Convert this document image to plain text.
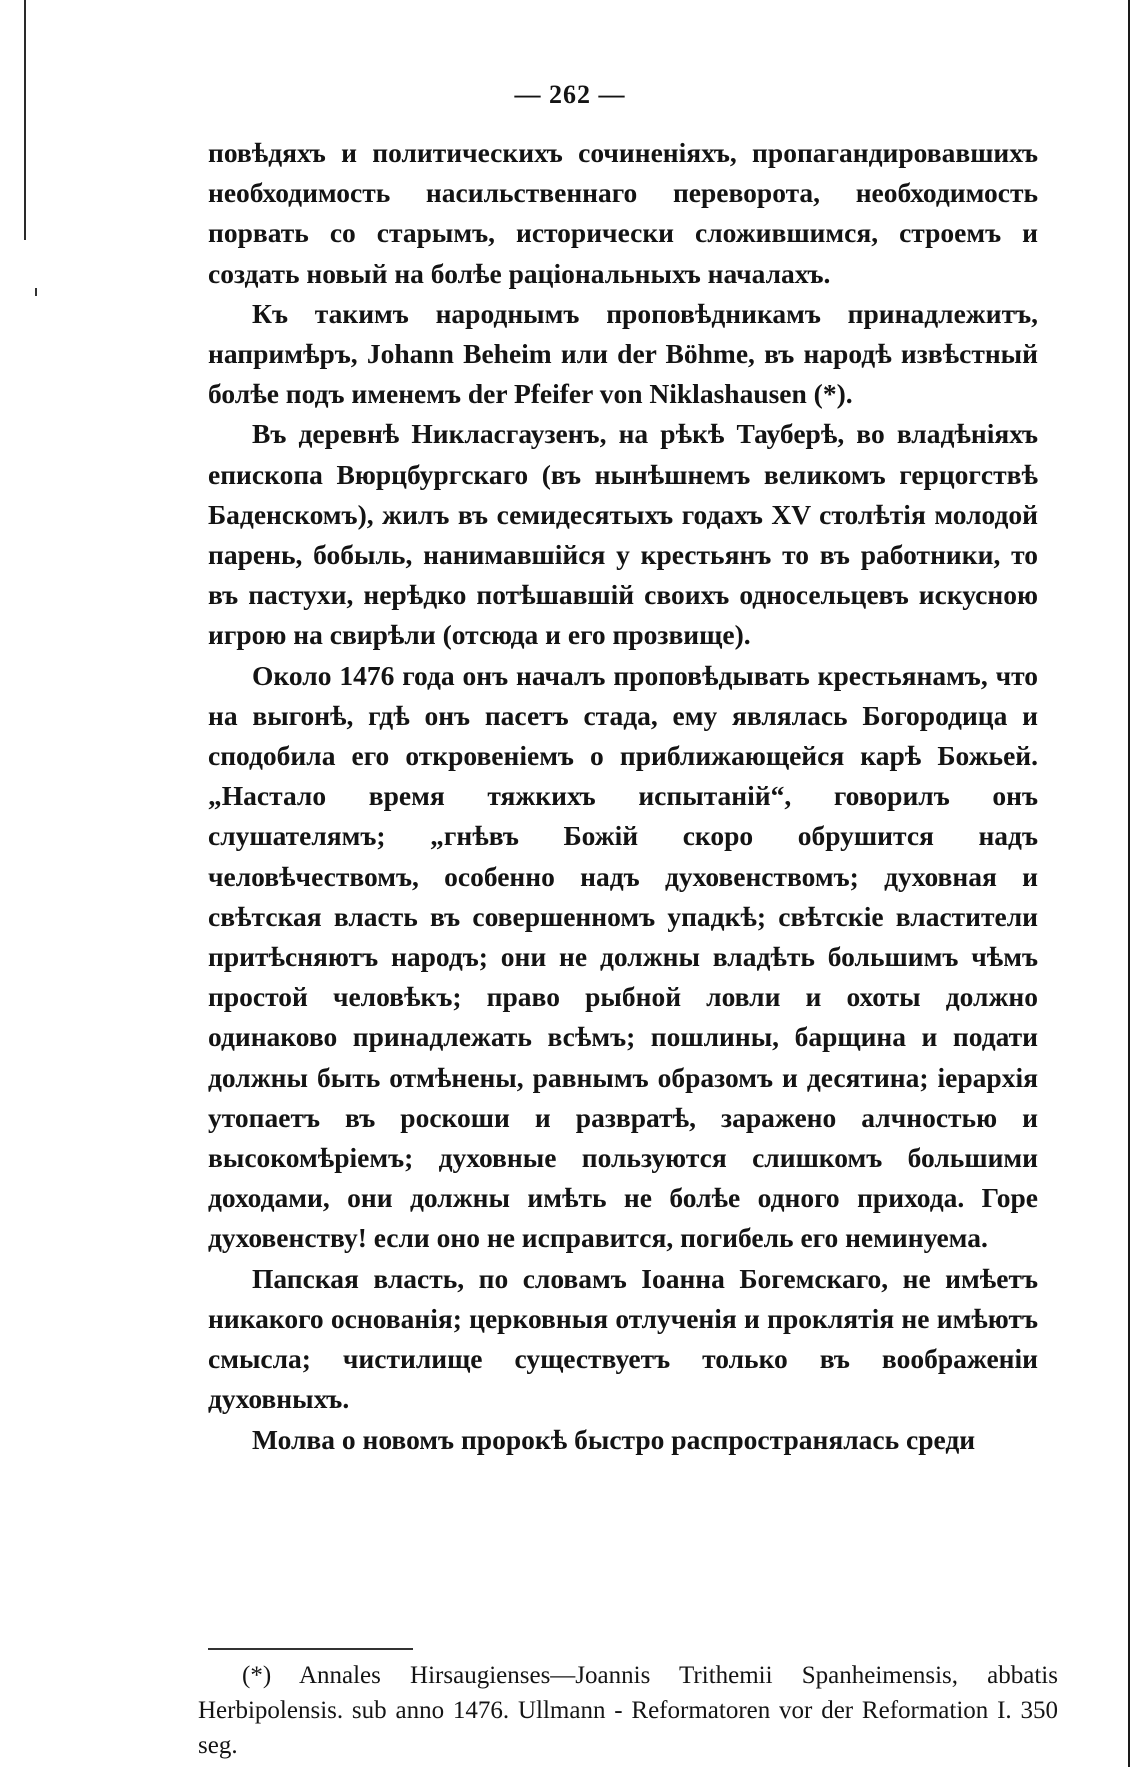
— 262 —

повѣдяхъ и политическихъ сочиненіяхъ, пропагандировавшихъ необходимость насильственнаго переворота, необходимость порвать со старымъ, исторически сложившимся, строемъ и создать новый на болѣе раціональныхъ началахъ.

Къ такимъ народнымъ проповѣдникамъ принадлежитъ, напримѣръ, Johann Beheim или der Böhme, въ народѣ извѣстный болѣе подъ именемъ der Pfeifer von Niklashausen (*).

Въ деревнѣ Никласгаузенъ, на рѣкѣ Тауберѣ, во владѣніяхъ епископа Вюрцбургскаго (въ нынѣшнемъ великомъ герцогствѣ Баденскомъ), жилъ въ семидесятыхъ годахъ XV столѣтія молодой парень, бобыль, нанимавшійся у крестьянъ то въ работники, то въ пастухи, нерѣдко потѣшавшій своихъ односельцевъ искусною игрою на свирѣли (отсюда и его прозвище).

Около 1476 года онъ началъ проповѣдывать крестьянамъ, что на выгонѣ, гдѣ онъ пасетъ стада, ему являлась Богородица и сподобила его откровеніемъ о приближающейся карѣ Божьей. „Настало время тяжкихъ испытаній“, говорилъ онъ слушателямъ; „гнѣвъ Божій скоро обрушится надъ человѣчествомъ, особенно надъ духовенствомъ; духовная и свѣтская власть въ совершенномъ упадкѣ; свѣтскіе властители притѣсняютъ народъ; они не должны владѣть большимъ чѣмъ простой человѣкъ; право рыбной ловли и охоты должно одинаково принадлежать всѣмъ; пошлины, барщина и подати должны быть отмѣнены, равнымъ образомъ и десятина; іерархія утопаетъ въ роскоши и развратѣ, заражено алчностью и высокомѣріемъ; духовные пользуются слишкомъ большими доходами, они должны имѣть не болѣе одного прихода. Горе духовенству! если оно не исправится, погибель его неминуема.

Папская власть, по словамъ Іоанна Богемскаго, не имѣетъ никакого основанія; церковныя отлученія и проклятія не имѣютъ смысла; чистилище существуетъ только въ воображеніи духовныхъ.

Молва о новомъ пророкѣ быстро распространялась среди

(*) Annales Hirsaugienses—Joannis Trithemii Spanheimensis, abbatis Herbipolensis. sub anno 1476. Ullmann - Reformatoren vor der Reformation I. 350 seg.
